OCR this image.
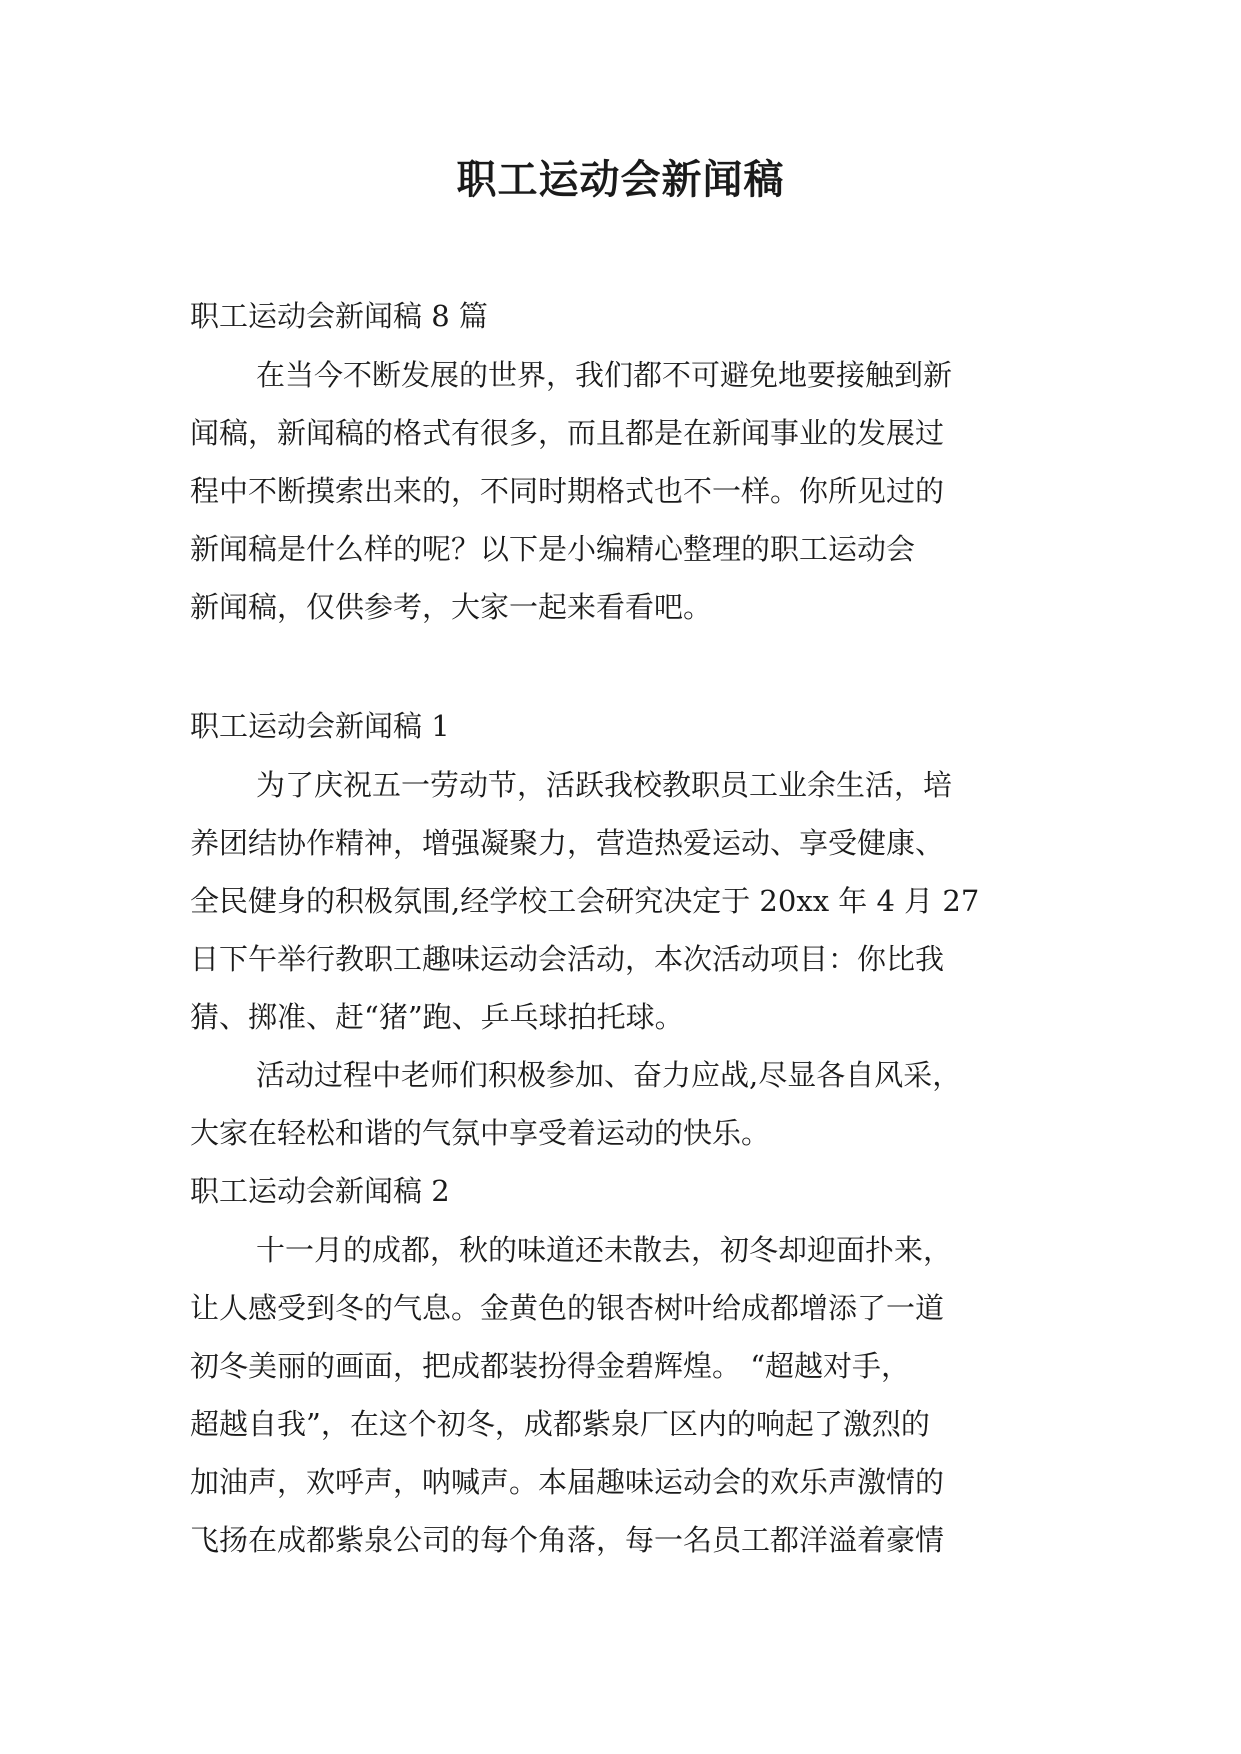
职工运动会新闻稿
职工运动会新闻稿 8 篇
在当今不断发展的世界，我们都不可避免地要接触到新
闻稿，新闻稿的格式有很多，而且都是在新闻事业的发展过
程中不断摸索出来的，不同时期格式也不一样。你所见过的
新闻稿是什么样的呢？以下是小编精心整理的职工运动会
新闻稿，仅供参考，大家一起来看看吧。
职工运动会新闻稿 1
为了庆祝五一劳动节，活跃我校教职员工业余生活，培
养团结协作精神，增强凝聚力，营造热爱运动、享受健康、
全民健身的积极氛围,经学校工会研究决定于 20xx 年 4 月 27
日下午举行教职工趣味运动会活动，本次活动项目：你比我
猜、掷准、赶“猪”跑、乒乓球拍托球。
活动过程中老师们积极参加、奋力应战,尽显各自风采，
大家在轻松和谐的气氛中享受着运动的快乐。
职工运动会新闻稿 2
十一月的成都，秋的味道还未散去，初冬却迎面扑来，
让人感受到冬的气息。金黄色的银杏树叶给成都增添了一道
初冬美丽的画面，把成都装扮得金碧辉煌。 “超越对手，
超越自我”，在这个初冬，成都紫泉厂区内的响起了激烈的
加油声，欢呼声，呐喊声。本届趣味运动会的欢乐声激情的
飞扬在成都紫泉公司的每个角落，每一名员工都洋溢着豪情
